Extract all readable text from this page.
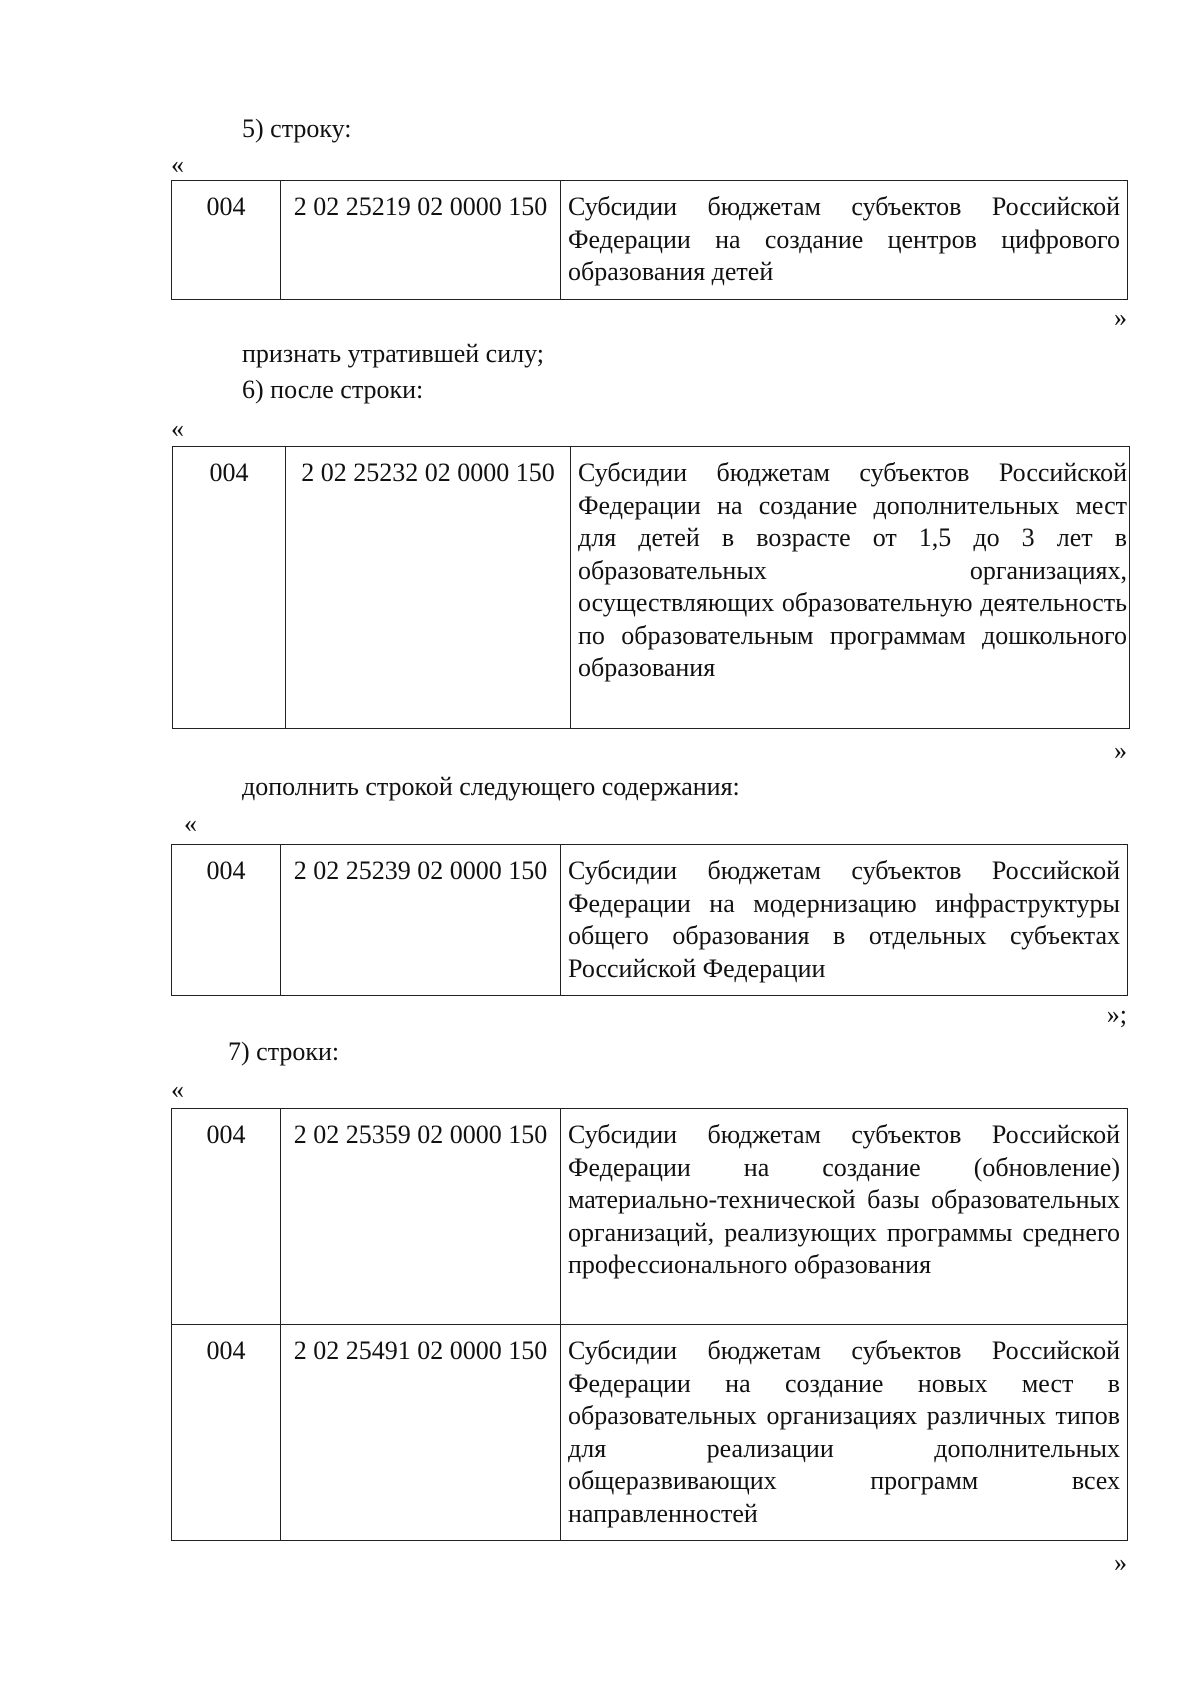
5) строку:
«
004	2 02 25219 02 0000 150	Субсидии бюджетам субъектов Российской Федерации на создание центров цифрового образования детей
»
признать утратившей силу;
6) после строки:
«
004	2 02 25232 02 0000 150	Субсидии бюджетам субъектов Российской Федерации на создание дополнительных мест для детей в возрасте от 1,5 до 3 лет в образовательных организациях, осуществляющих образовательную деятельность по образовательным программам дошкольного образования
»
дополнить строкой следующего содержания:
«
004	2 02 25239 02 0000 150	Субсидии бюджетам субъектов Российской Федерации на модернизацию инфраструктуры общего образования в отдельных субъектах Российской Федерации
»;
7) строки:
«
004	2 02 25359 02 0000 150	Субсидии бюджетам субъектов Российской Федерации на создание (обновление) материально-технической базы образовательных организаций, реализующих программы среднего профессионального образования
004	2 02 25491 02 0000 150	Субсидии бюджетам субъектов Российской Федерации на создание новых мест в образовательных организациях различных типов для реализации дополнительных общеразвивающих программ всех направленностей
»
